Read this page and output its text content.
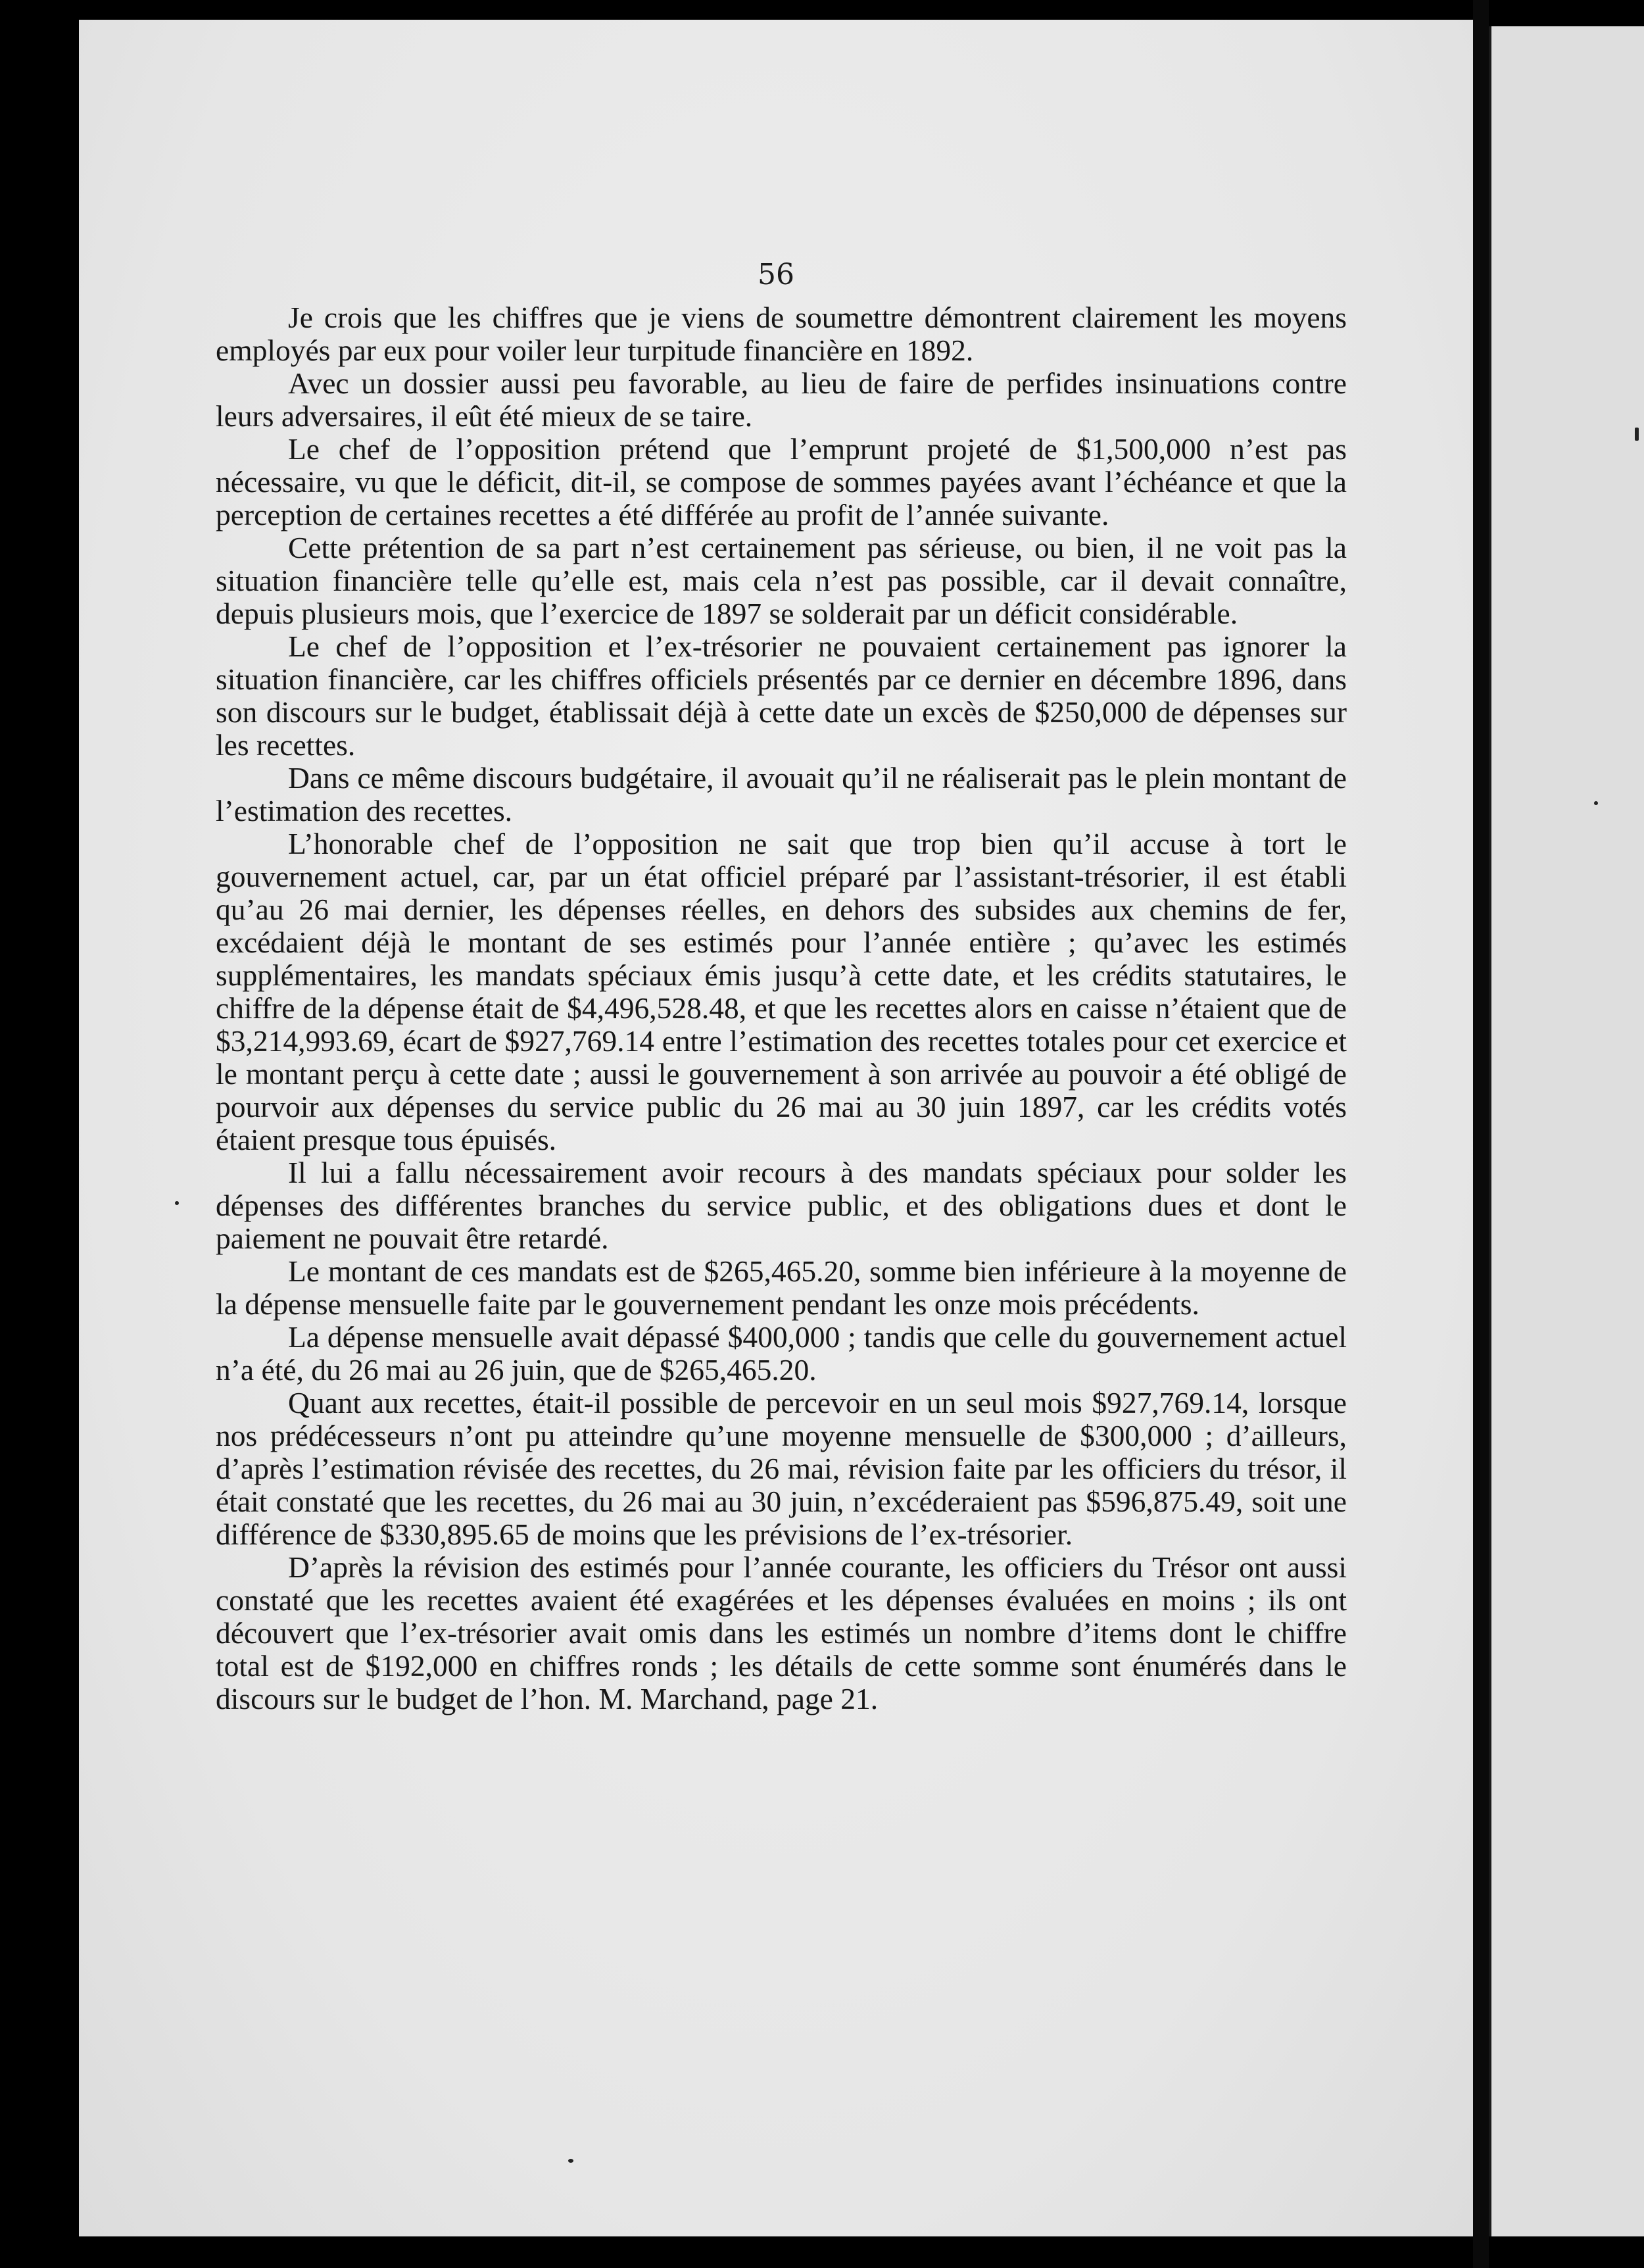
56

Je crois que les chiffres que je viens de soumettre démontrent clairement les moyens employés par eux pour voiler leur turpitude financière en 1892.

Avec un dossier aussi peu favorable, au lieu de faire de perfides insinuations contre leurs adversaires, il eût été mieux de se taire.

Le chef de l’opposition prétend que l’emprunt projeté de $1,500,000 n’est pas nécessaire, vu que le déficit, dit-il, se compose de sommes payées avant l’échéance et que la perception de certaines recettes a été différée au profit de l’année suivante.

Cette prétention de sa part n’est certainement pas sérieuse, ou bien, il ne voit pas la situation financière telle qu’elle est, mais cela n’est pas possible, car il devait connaître, depuis plusieurs mois, que l’exercice de 1897 se solderait par un déficit considérable.

Le chef de l’opposition et l’ex-trésorier ne pouvaient certainement pas ignorer la situation financière, car les chiffres officiels présentés par ce dernier en décembre 1896, dans son discours sur le budget, établissait déjà à cette date un excès de $250,000 de dépenses sur les recettes.

Dans ce même discours budgétaire, il avouait qu’il ne réaliserait pas le plein montant de l’estimation des recettes.

L’honorable chef de l’opposition ne sait que trop bien qu’il accuse à tort le gouvernement actuel, car, par un état officiel préparé par l’assistant-trésorier, il est établi qu’au 26 mai dernier, les dépenses réelles, en dehors des subsides aux chemins de fer, excédaient déjà le montant de ses estimés pour l’année entière ; qu’avec les estimés supplémentaires, les mandats spéciaux émis jusqu’à cette date, et les crédits statutaires, le chiffre de la dépense était de $4,496,528.48, et que les recettes alors en caisse n’étaient que de $3,214,993.69, écart de $927,769.14 entre l’estimation des recettes totales pour cet exercice et le montant perçu à cette date ; aussi le gouvernement à son arrivée au pouvoir a été obligé de pourvoir aux dépenses du service public du 26 mai au 30 juin 1897, car les crédits votés étaient presque tous épuisés.

Il lui a fallu nécessairement avoir recours à des mandats spéciaux pour solder les dépenses des différentes branches du service public, et des obligations dues et dont le paiement ne pouvait être retardé.

Le montant de ces mandats est de $265,465.20, somme bien inférieure à la moyenne de la dépense mensuelle faite par le gouvernement pendant les onze mois précédents.

La dépense mensuelle avait dépassé $400,000 ; tandis que celle du gouvernement actuel n’a été, du 26 mai au 26 juin, que de $265,465.20.

Quant aux recettes, était-il possible de percevoir en un seul mois $927,769.14, lorsque nos prédécesseurs n’ont pu atteindre qu’une moyenne mensuelle de $300,000 ; d’ailleurs, d’après l’estimation révisée des recettes, du 26 mai, révision faite par les officiers du trésor, il était constaté que les recettes, du 26 mai au 30 juin, n’excéderaient pas $596,875.49, soit une différence de $330,895.65 de moins que les prévisions de l’ex-trésorier.

D’après la révision des estimés pour l’année courante, les officiers du Trésor ont aussi constaté que les recettes avaient été exagérées et les dépenses évaluées en moins ; ils ont découvert que l’ex-trésorier avait omis dans les estimés un nombre d’items dont le chiffre total est de $192,000 en chiffres ronds ; les détails de cette somme sont énumérés dans le discours sur le budget de l’hon. M. Marchand, page 21.
